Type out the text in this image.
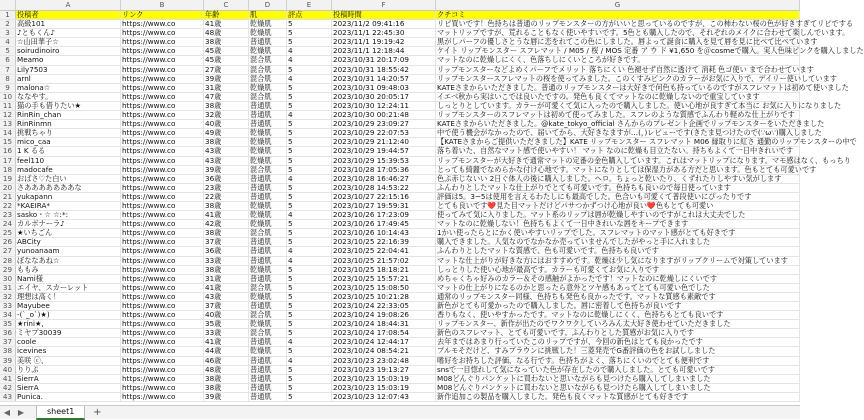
A	B	C	D	E	F	G
1	投稿者	リンク	年齢	肌	評点	投稿時間	クチコミ
2	高級101	https://www.co	41歳	乾燥肌	5	2023/11/2 09:41:16	リピ買いです！色持ちは普通のリップモンスターの方がいいと思っているのですが、この柿わない桜の色が好きすぎてリピでする
3	♪ともくん♪	https://www.co	48歳	乾燥肌	5	2023/11/1 22:45:30	マットリップですが、荒れることもなく使いやすいです。5色とも購入したので、それぞれのメイクに合わせて楽しんでいます。
4	☆山田華子☆	https://www.co	38歳	普通肌	5	2023/11/1 19:19:42	黒がしパーフの優しさとうな唇に恋をれてこの色にしました。唇よって誕食に購入を見て唇を見に比べて比べています
5	soirudinoiro	https://www.co	45歳	乾燥肌	4	2023/11/1 12:18:44	ケイト リップモンスター スフレマット / M05 / 桜 / MOS 定番 ア ウ ド ¥1,650 を＠cosmeで購入。実人色味ピンクを購入しました
6	Meamo	https://www.co	45歳	混合肌	4	2023/10/31 20:17:09	マットなのに乾燥しにくく、色落ちしにくいところが好きです。
7	Lily7503	https://www.co	27歳	混合肌	5	2023/10/31 18:55:42	リップモンスターなどよめくパーフでメリット 落ちにくい 色褪せず自然に透けて 消耗 色ゴ使い まで合わせています
8	arnl	https://www.co	39歳	混合肌	4	2023/10/31 14:20:57	リップモンスタースフレマットの桜を使ってみました。このくすみピンクのカラーがお気に入りで、デイリー使いしています
9	malona☆	https://www.co	31歳	乾燥肌	5	2023/10/31 09:48:03	KATEさまからいただきました。普通のリップモンスターは大好きで何色も持っているのですがスフレマットは初めて使いました
10 ななやす。	https://www.co	47歳	混合肌	5	2023/10/30 20:05:17	イエベ秋から実はいこでは良いたですの。発色も良くてマットなのに乾燥しないので重宝しています
11 猫の手も借りたい★	https://www.co	38歳	普通肌	5	2023/10/30 12:24:11	しっとりとしています。カラーが可愛くて気に入ったので購入しました。使い心地が良すぎて本当に お気に入りになりました
12 RinRin_chan	https://www.co	32歳	普通肌	4	2023/10/30 00:21:48	リップモンスターのスフレマットは初めて使ってみました。スフレのような質感でふんわり軽めな仕上がりです
13 RinRinmn	https://www.co	40歳	普通肌	5	2023/10/29 23:09:27	KATEさまからいただきました。@kate_tokyo_official さんからのプレゼント企画でリップモンスターをいただきました
14 挑戦ちゃり	https://www.co	49歳	乾燥肌	5	2023/10/29 22:07:53	中で使う機会がなかったので、届いてから、大好きなますが…(，)レビューです(きたま見つけたので(∵ω∵)購入しました
15 mico_caa	https://www.co	38歳	乾燥肌	5	2023/10/29 21:12:40	【KATEさまからご提供いただきました】KATE リップモンスター スフレマット M06 縁取りに紅さ 通勤のリップモンスターの中で
16 1 K るる	https://www.co	43歳	乾燥肌	5	2023/10/29 19:44:57	落ち着いた、自然なマット感で使いやすい！ マット なのに乾燥も目立たない。持ちもよくて一日中きれいです
17 feel110	https://www.co	43歳	乾燥肌	5	2023/10/29 15:39:53	リップモンスターが大好きで通常マットの定番の金色購入しています。これはマットリップになります。マモ感はなく、もっちり
18 madocafe	https://www.co	39歳	混合肌	5	2023/10/28 17:05:36	とっても綺麗でなめらかな付け心地です。マットになりとしては保湿力がある方だと思います。色もとても可愛いです
19 おばさ♡た白い	https://www.co	36歳	普通肌	4	2023/10/28 16:46:27	色ぷ赤じないい 2日ぐ体人の後に購入しました。ヘロ。ちょっと乾いたり、くずれたりしやすい気がします
20 さあああああああな	https://www.co	23歳	普通肌	5	2023/10/28 14:53:22	ふんわりとしたマットな仕上がりでとても可愛いです。色持ちも良いので毎日使っています
21 yukapann	https://www.co	22歳	普通肌	5	2023/10/27 22:15:16	評価は5。3~5は使用を言えるわたしにも最高でした。色合いも可愛くて普段使いにぴったりです
22 *KAEIRA*	https://www.co	38歳	乾燥肌	5	2023/10/27 19:59:31	とても良いです❤️見た目マットだけどパサつかずつけ心地が良い❤️色もとても可愛い
23 sasko・☆ ☆:*:	https://www.co	41歳	乾燥肌	4	2023/10/26 17:23:09	使ってみて気に入りました。マット系のリップは唇が乾燥しやすいのですがこれは大丈夫でした
24 カルボナーラ♪	https://www.co	42歳	乾燥肌	5	2023/10/26 17:49:45	マットなのに乾燥しない！色持ちもよくて一日中きれいな唇をキープできます
25 ★いちごん	https://www.co	38歳	混合肌	5	2023/10/26 10:14:43	1かい使ったらとにかく使いやすいリップでした。スフレマットのマット感がとても好きです
26 ABCity	https://www.co	37歳	普通肌	5	2023/10/25 22:16:39	購入できました。人気なのでなかなか売っていませんでしたがやっと手に入れました
27 yunoanaam	https://www.co	36歳	普通肌	4	2023/10/25 22:04:41	ふんわりとしたマットな質感で、色も可愛いです。色持ちも良いです
28 ぼななあね☆	https://www.co	33歳	普通肌	4	2023/10/25 21:57:02	マットな仕上がりが好きな方にはおすすめです。乾燥は少し気になりますがリップクリームで対策しています
29 ももみ	https://www.co	38歳	乾燥肌	5	2023/10/25 18:18:21	しっとりした使い心地が最高です。カラーも可愛くてお気に入りです
30 Nami様	https://www.co	31歳	普通肌	5	2023/10/25 15:57:21	めちゃくちゃ好みのカラー＆その感触がよかったです！マットなのに乾燥しにくいです
31 エイヤ、スカーレット	https://www.co	41歳	混合肌	5	2023/10/25 15:08:50	マットの仕上がりになるのかと思ったら意外とツヤ感もあってとても可愛い色でした
32 理想は高く！	https://www.co	43歳	乾燥肌	5	2023/10/25 10:21:28	通常のリップモンスター同様、色持ちも発色も良かったです。マットな質感も素敵です
33 Mayubee	https://www.co	37歳	普通肌	5	2023/10/24 22:33:05	新色がとても可愛かったので購入しました。唇に密着して色持ちが良いです
34 -(`_o`)★)	https://www.co	40歳	混合肌	5	2023/10/24 19:08:26	香りもなく、使いやすかったです。マットなのに乾燥しにくく、色持ちもとても良いです
35 ★rini★,	https://www.co	35歳	乾燥肌	5	2023/10/24 18:44:31	リップモンスター、新作が出たのでワクワクしていろみん太大好き使わせていただきました
36 ミヤプ30039	https://www.co	33歳	混合肌	5	2023/10/24 17:08:54	新色のスフレマット、とても可愛いです。ふんわりとした質感がお気に入りです
37 coole	https://www.co	41歳	普通肌	4	2023/10/24 12:44:17	去年まではあまり行っていたこのリップですが、今回の新色はとても良かったです
38 icevines	https://www.co	44歳	乾燥肌	5	2023/10/24 08:54:21	プルモそだけど、すみプラウンに挑戦した！三菱発売でG番評価の色をお試ししました
39 美咲 ⓒ、	https://www.co	46歳	普通肌	4	2023/10/23 23:02:48	嗜好をお持ちした評価、なる行です。色持ちがよく、落ちにくいのでとても便利です
40 りりぷ	https://www.co	48歳	普通肌	5	2023/10/23 19:13:27	snsで一目惚れして気になっていた色が存在したので購入しました。とても可愛いです
41 SierrA	https://www.co	38歳	普通肌	5	2023/10/23 15:03:19	M08どんぐりパンケットに買わないと思いながらも見つけたら購入してしまいました
42 SierrA	https://www.co	38歳	普通肌	5	2023/10/23 15:03:19	M08どんぐりパンケットに買わないと思いながらも見つけたら購入してしまいました
43 Punica.	https://www.co	39歳	普通肌	5	2023/10/23 12:07:43	新作追加この製品を購入しました。発色も良くマットな質感がとても好きです
◀ ▶	sheet1	+
